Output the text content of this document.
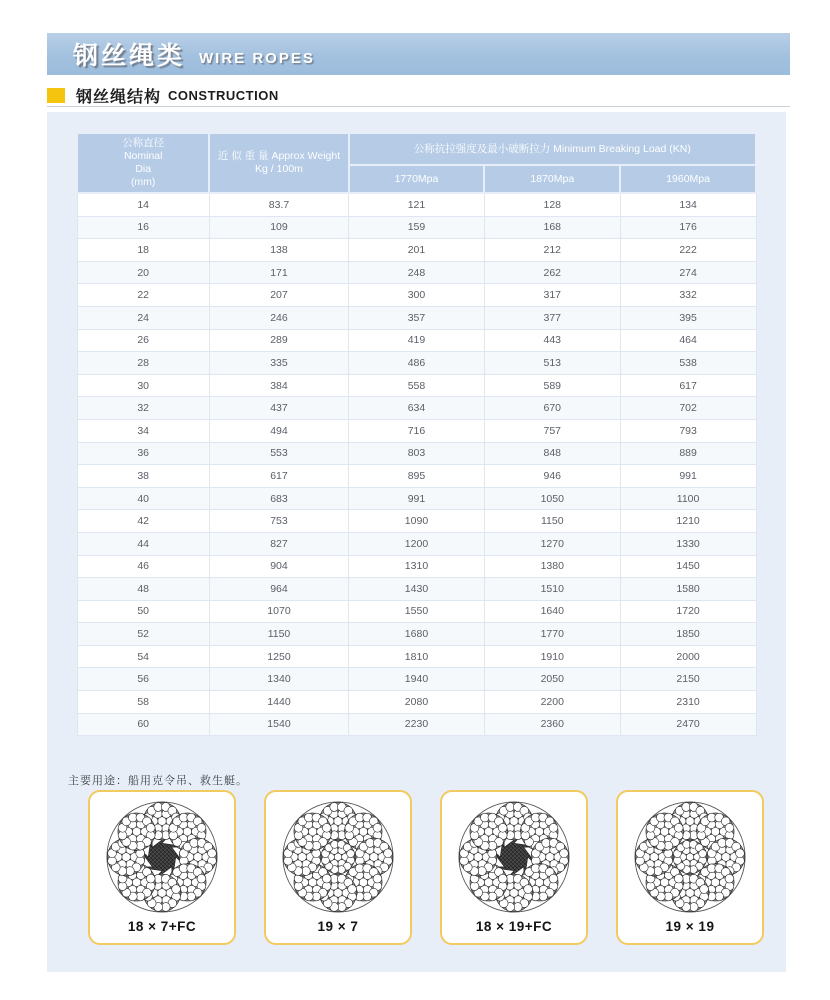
钢丝绳类 WIRE ROPES
钢丝绳结构 CONSTRUCTION
公称直径
Nominal
Dia
(mm)

近 似 重 量 Approx Weight
Kg / 100m
	公称抗拉强度及最小破断拉力 Minimum Breaking Load (KN)
		1770Mpa	1870Mpa	1960Mpa
14	83.7	121	128	134
16	109	159	168	176
18	138	201	212	222
20	171	248	262	274
22	207	300	317	332
24	246	357	377	395
26	289	419	443	464
28	335	486	513	538
30	384	558	589	617
32	437	634	670	702
34	494	716	757	793
36	553	803	848	889
38	617	895	946	991
40	683	991	1050	1100
42	753	1090	1150	1210
44	827	1200	1270	1330
46	904	1310	1380	1450
48	964	1430	1510	1580
50	1070	1550	1640	1720
52	1150	1680	1770	1850
54	1250	1810	1910	2000
56	1340	1940	2050	2150
58	1440	2080	2200	2310
60	1540	2230	2360	2470
主要用途：船用克令吊、救生艇。
18 × 7+FC	19 × 7	18 × 19+FC	19 × 19
